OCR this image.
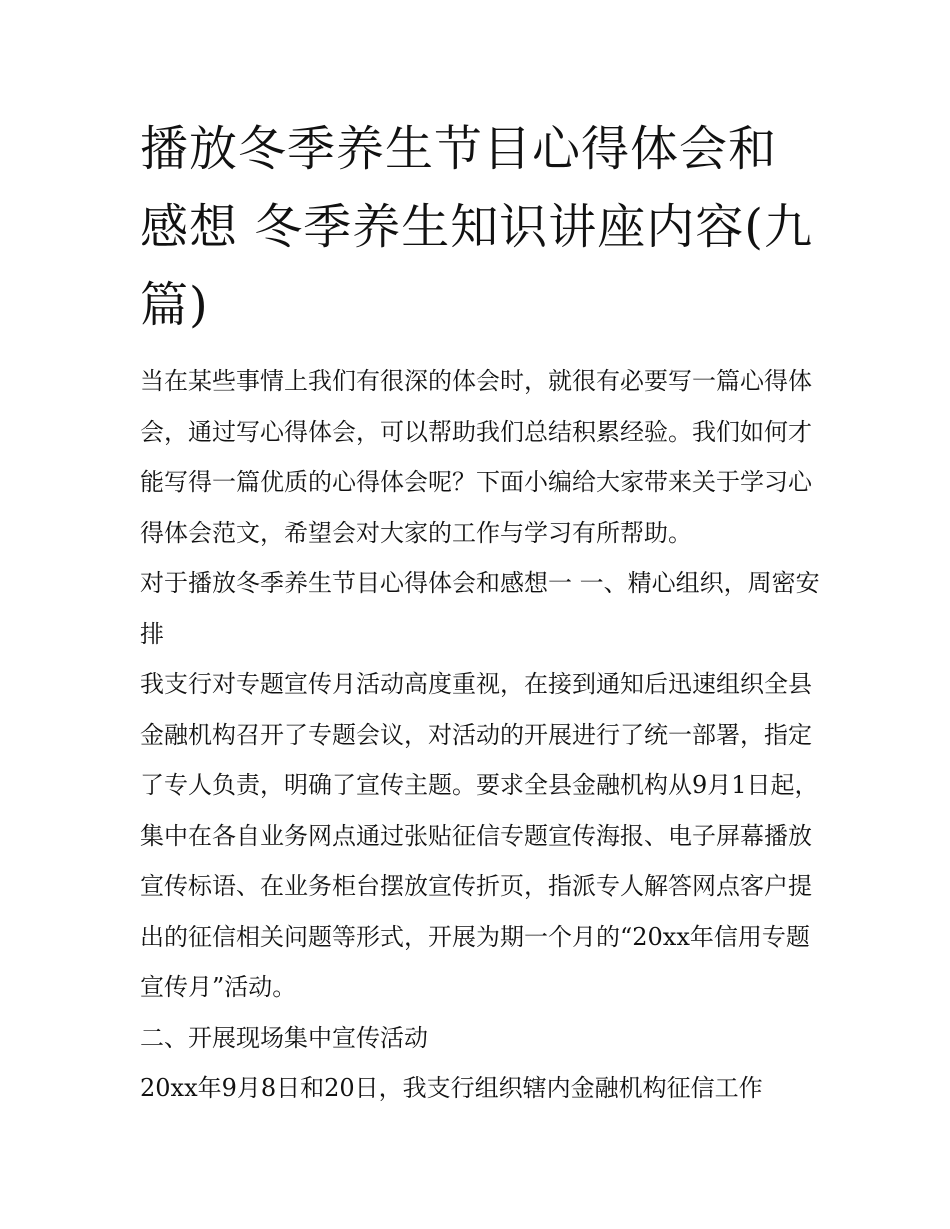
播放冬季养生节目心得体会和感想 冬季养生知识讲座内容(九篇)

当在某些事情上我们有很深的体会时，就很有必要写一篇心得体会，通过写心得体会，可以帮助我们总结积累经验。我们如何才能写得一篇优质的心得体会呢？下面小编给大家带来关于学习心得体会范文，希望会对大家的工作与学习有所帮助。

对于播放冬季养生节目心得体会和感想一 一、精心组织，周密安排

我支行对专题宣传月活动高度重视，在接到通知后迅速组织全县金融机构召开了专题会议，对活动的开展进行了统一部署，指定了专人负责，明确了宣传主题。要求全县金融机构从9月1日起，集中在各自业务网点通过张贴征信专题宣传海报、电子屏幕播放宣传标语、在业务柜台摆放宣传折页，指派专人解答网点客户提出的征信相关问题等形式，开展为期一个月的“20xx年信用专题宣传月”活动。

二、开展现场集中宣传活动

20xx年9月8日和20日，我支行组织辖内金融机构征信工作
